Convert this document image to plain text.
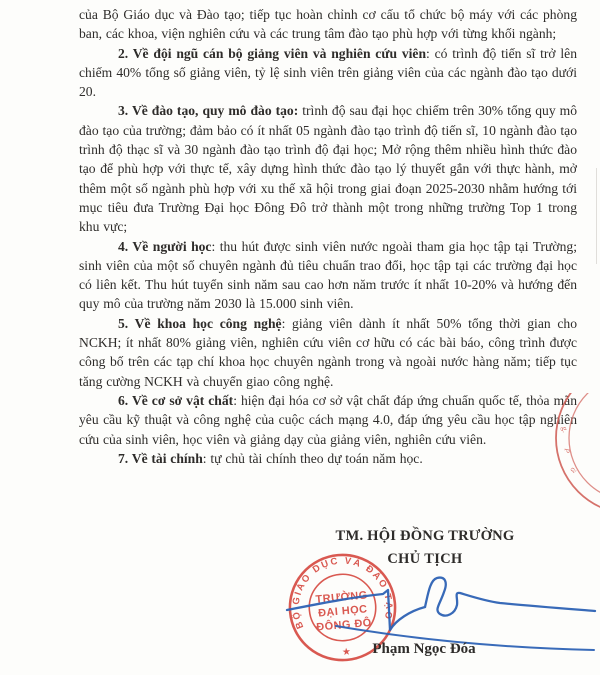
của Bộ Giáo dục và Đào tạo; tiếp tục hoàn chỉnh cơ cấu tổ chức bộ máy với các phòng ban, các khoa, viện nghiên cứu và các trung tâm đào tạo phù hợp với từng khối ngành;

2. Về đội ngũ cán bộ giảng viên và nghiên cứu viên: có trình độ tiến sĩ trở lên chiếm 40% tổng số giảng viên, tỷ lệ sinh viên trên giảng viên của các ngành đào tạo dưới 20.

3. Về đào tạo, quy mô đào tạo: trình độ sau đại học chiếm trên 30% tổng quy mô đào tạo của trường; đảm bảo có ít nhất 05 ngành đào tạo trình độ tiến sĩ, 10 ngành đào tạo trình độ thạc sĩ và 30 ngành đào tạo trình độ đại học; Mở rộng thêm nhiều hình thức đào tạo để phù hợp với thực tế, xây dựng hình thức đào tạo lý thuyết gắn với thực hành, mở thêm một số ngành phù hợp với xu thế xã hội trong giai đoạn 2025-2030 nhằm hướng tới mục tiêu đưa Trường Đại học Đông Đô trở thành một trong những trường Top 1 trong khu vực;

4. Về người học: thu hút được sinh viên nước ngoài tham gia học tập tại Trường; sinh viên của một số chuyên ngành đủ tiêu chuẩn trao đổi, học tập tại các trường đại học có liên kết. Thu hút tuyển sinh năm sau cao hơn năm trước ít nhất 10-20% và hướng đến quy mô của trường năm 2030 là 15.000 sinh viên.

5. Về khoa học công nghệ: giảng viên dành ít nhất 50% tổng thời gian cho NCKH; ít nhất 80% giảng viên, nghiên cứu viên cơ hữu có các bài báo, công trình được công bố trên các tạp chí khoa học chuyên ngành trong và ngoài nước hàng năm; tiếp tục tăng cường NCKH và chuyển giao công nghệ.

6. Về cơ sở vật chất: hiện đại hóa cơ sở vật chất đáp ứng chuẩn quốc tế, thỏa mãn yêu cầu kỹ thuật và công nghệ của cuộc cách mạng 4.0, đáp ứng yêu cầu học tập nghiên cứu của sinh viên, học viên và giảng dạy của giảng viên, nghiên cứu viên.

7. Về tài chính: tự chủ tài chính theo dự toán năm học.

TM. HỘI ĐỒNG TRƯỜNG
CHỦ TỊCH
BỘ GIÁO DỤC VÀ ĐÀO TẠO
TRƯỜNG
ĐẠI HỌC
ĐÔNG ĐÔ
★
g.
P
ờ
Phạm Ngọc Đóa
